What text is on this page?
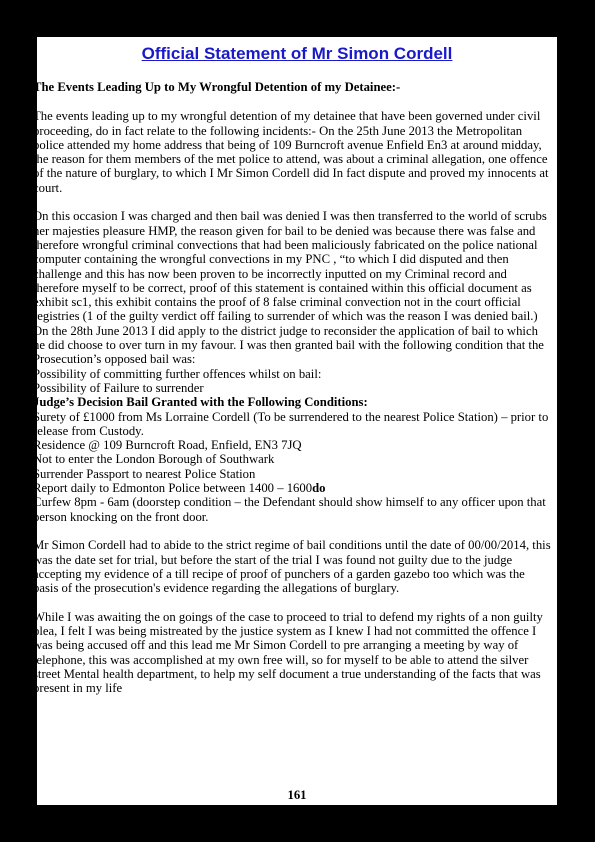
Official Statement of Mr Simon Cordell

The Events Leading Up to My Wrongful Detention of my Detainee:-

The events leading up to my wrongful detention of my detainee that have been governed under civil proceeding, do in fact relate to the following incidents:- On the 25th June 2013 the Metropolitan police attended my home address that being of 109 Burncroft avenue Enfield En3 at around midday, the reason for them members of the met police to attend, was about a criminal allegation, one offence of the nature of burglary, to which I Mr Simon Cordell did In fact dispute and proved my innocents at court.

On this occasion I was charged and then bail was denied I was then transferred to the world of scrubs her majesties pleasure HMP, the reason given for bail to be denied was because there was false and therefore wrongful criminal convections that had been maliciously fabricated on the police national computer containing the wrongful convections in my PNC , “to which I did disputed and then challenge and this has now been proven to be incorrectly inputted on my Criminal record and therefore myself to be correct, proof of this statement is contained within this official document as exhibit sc1, this exhibit contains the proof of 8 false criminal convection not in the court official registries (1 of the guilty verdict off failing to surrender of which was the reason I was denied bail.)

On the 28th June 2013 I did apply to the district judge to reconsider the application of bail to which he did choose to over turn in my favour. I was then granted bail with the following condition that the Prosecution’s opposed bail was:

Possibility of committing further offences whilst on bail:

Possibility of Failure to surrender

Judge’s Decision Bail Granted with the Following Conditions:

Surety of £1000 from Ms Lorraine Cordell (To be surrendered to the nearest Police Station) – prior to release from Custody.

Residence @ 109 Burncroft Road, Enfield, EN3 7JQ

Not to enter the London Borough of Southwark

Surrender Passport to nearest Police Station

Report daily to Edmonton Police between 1400 – 1600do

Curfew 8pm - 6am (doorstep condition – the Defendant should show himself to any officer upon that person knocking on the front door.

Mr Simon Cordell had to abide to the strict regime of bail conditions until the date of 00/00/2014, this was the date set for trial, but before the start of the trial I was found not guilty due to the judge accepting my evidence of a till recipe of proof of punchers of a garden gazebo too which was the basis of the prosecution's evidence regarding the allegations of burglary.

While I was awaiting the on goings of the case to proceed to trial to defend my rights of a non guilty plea, I felt I was being mistreated by the justice system as I knew I had not committed the offence I was being accused off and this lead me Mr Simon Cordell to pre arranging a meeting by way of telephone, this was accomplished at my own free will, so for myself to be able to attend the silver street Mental health department, to help my self document a true understanding of the facts that was present in my life

161
